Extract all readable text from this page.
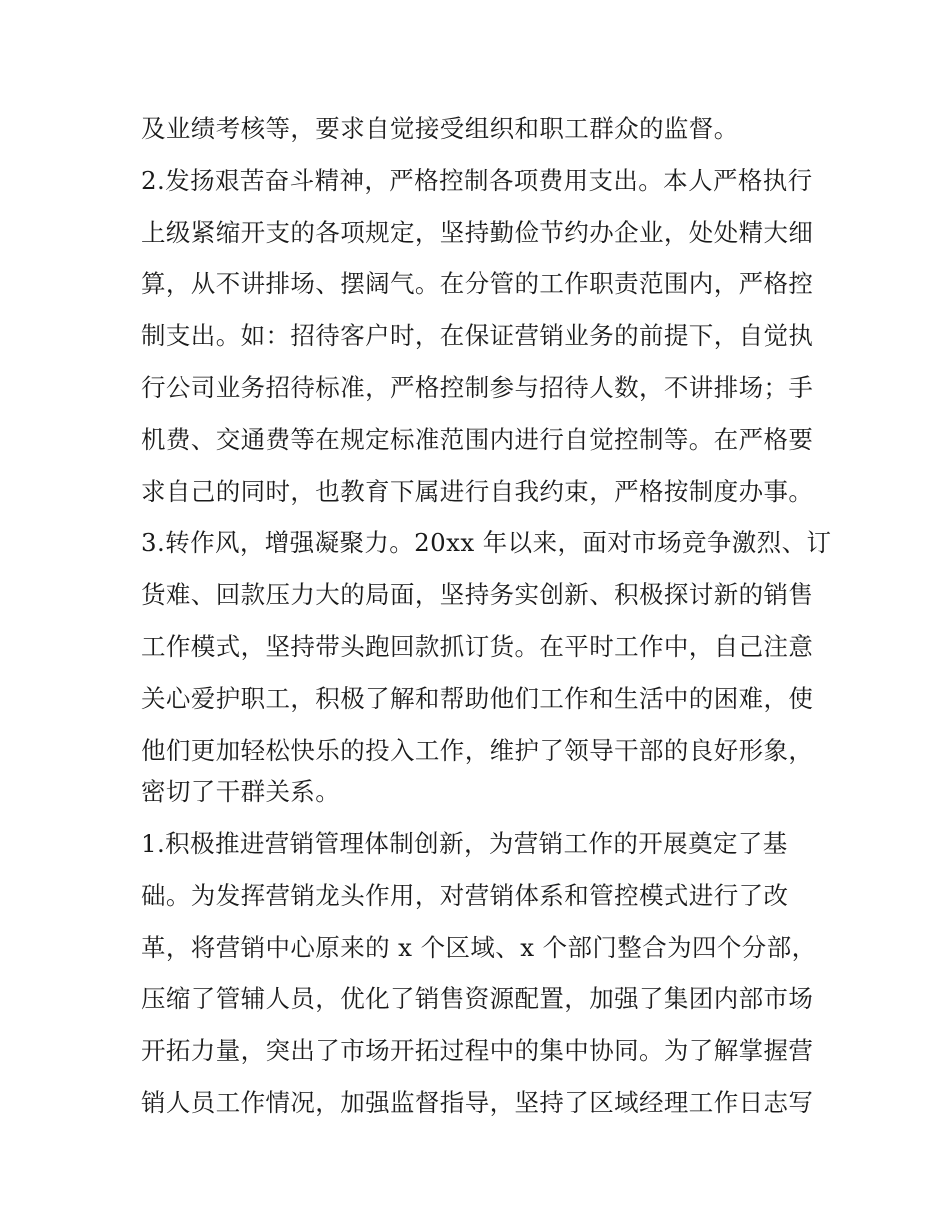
及业绩考核等，要求自觉接受组织和职工群众的监督。
2.发扬艰苦奋斗精神，严格控制各项费用支出。本人严格执行
上级紧缩开支的各项规定，坚持勤俭节约办企业，处处精大细
算，从不讲排场、摆阔气。在分管的工作职责范围内，严格控
制支出。如：招待客户时，在保证营销业务的前提下，自觉执
行公司业务招待标准，严格控制参与招待人数，不讲排场；手
机费、交通费等在规定标准范围内进行自觉控制等。在严格要
求自己的同时，也教育下属进行自我约束，严格按制度办事。
3.转作风，增强凝聚力。20xx 年以来，面对市场竞争激烈、订
货难、回款压力大的局面，坚持务实创新、积极探讨新的销售
工作模式，坚持带头跑回款抓订货。在平时工作中，自己注意
关心爱护职工，积极了解和帮助他们工作和生活中的困难，使
他们更加轻松快乐的投入工作，维护了领导干部的良好形象，
密切了干群关系。
1.积极推进营销管理体制创新，为营销工作的开展奠定了基
础。为发挥营销龙头作用，对营销体系和管控模式进行了改
革，将营销中心原来的 x 个区域、x 个部门整合为四个分部，
压缩了管辅人员，优化了销售资源配置，加强了集团内部市场
开拓力量，突出了市场开拓过程中的集中协同。为了解掌握营
销人员工作情况，加强监督指导，坚持了区域经理工作日志写
